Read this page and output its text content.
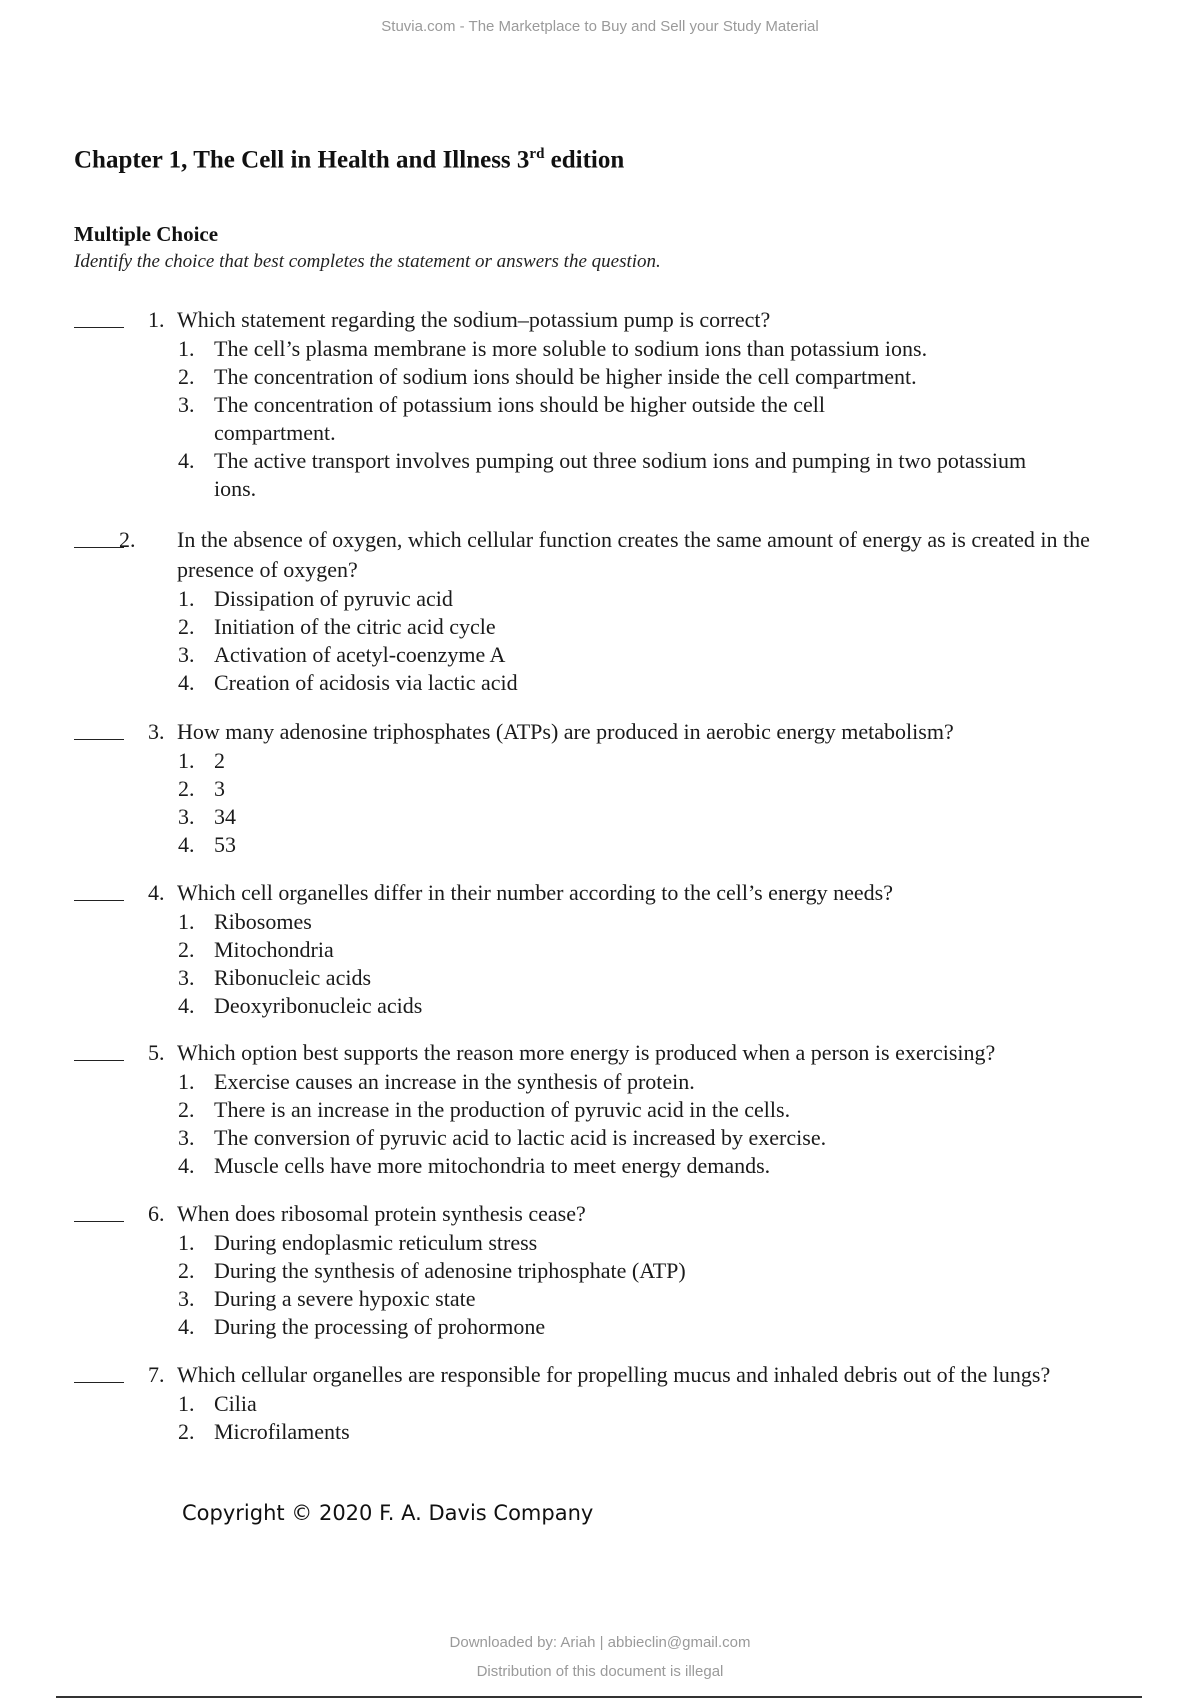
Stuvia.com - The Marketplace to Buy and Sell your Study Material
Chapter 1, The Cell in Health and Illness 3rd edition
Multiple Choice
Identify the choice that best completes the statement or answers the question.
1. Which statement regarding the sodium–potassium pump is correct?
1. The cell’s plasma membrane is more soluble to sodium ions than potassium ions.
2. The concentration of sodium ions should be higher inside the cell compartment.
3. The concentration of potassium ions should be higher outside the cell compartment.
4. The active transport involves pumping out three sodium ions and pumping in two potassium ions.
2. In the absence of oxygen, which cellular function creates the same amount of energy as is created in the presence of oxygen?
1. Dissipation of pyruvic acid
2. Initiation of the citric acid cycle
3. Activation of acetyl-coenzyme A
4. Creation of acidosis via lactic acid
3. How many adenosine triphosphates (ATPs) are produced in aerobic energy metabolism?
1. 2
2. 3
3. 34
4. 53
4. Which cell organelles differ in their number according to the cell’s energy needs?
1. Ribosomes
2. Mitochondria
3. Ribonucleic acids
4. Deoxyribonucleic acids
5. Which option best supports the reason more energy is produced when a person is exercising?
1. Exercise causes an increase in the synthesis of protein.
2. There is an increase in the production of pyruvic acid in the cells.
3. The conversion of pyruvic acid to lactic acid is increased by exercise.
4. Muscle cells have more mitochondria to meet energy demands.
6. When does ribosomal protein synthesis cease?
1. During endoplasmic reticulum stress
2. During the synthesis of adenosine triphosphate (ATP)
3. During a severe hypoxic state
4. During the processing of prohormone
7. Which cellular organelles are responsible for propelling mucus and inhaled debris out of the lungs?
1. Cilia
2. Microfilaments
Copyright © 2020 F. A. Davis Company
Downloaded by: Ariah | abbieclin@gmail.com
Distribution of this document is illegal
